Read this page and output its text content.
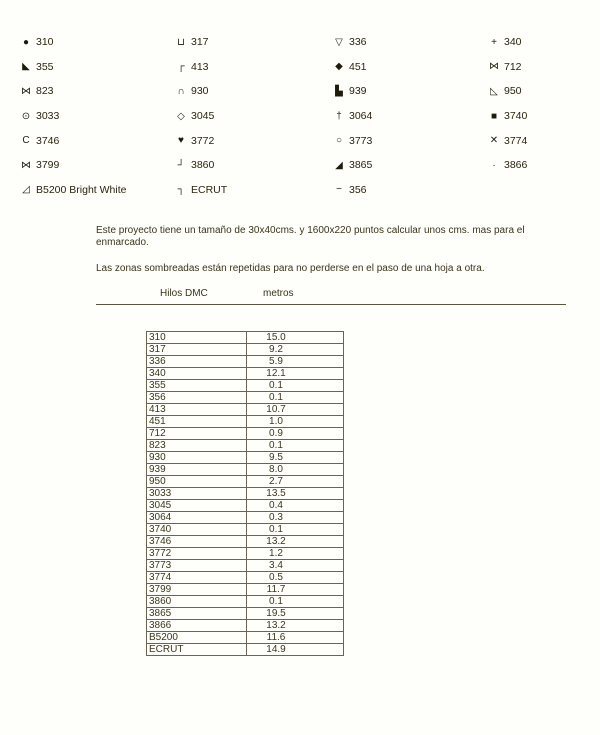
● 310	⊔ 317	▽ 336	+ 340
◣ 355	┌ 413	◆ 451	⋈ 712
⋈ 823	∩ 930	▙ 939	◺ 950
⊙ 3033	◇ 3045	† 3064	■ 3740
C 3746	♥ 3772	○ 3773	✕ 3774
⋈ 3799	┘ 3860	◢ 3865	· 3866
◿ B5200 Bright White	┐ ECRUT	− 356

Este proyecto tiene un tamaño de 30x40cms. y 1600x220 puntos calcular unos cms. mas para el enmarcado.

Las zonas sombreadas están repetidas para no perderse en el paso de una hoja a otra.

Hilos DMC	metros
310	15.0
317	9.2
336	5.9
340	12.1
355	0.1
356	0.1
413	10.7
451	1.0
712	0.9
823	0.1
930	9.5
939	8.0
950	2.7
3033	13.5
3045	0.4
3064	0.3
3740	0.1
3746	13.2
3772	1.2
3773	3.4
3774	0.5
3799	11.7
3860	0.1
3865	19.5
3866	13.2
B5200	11.6
ECRUT	14.9
